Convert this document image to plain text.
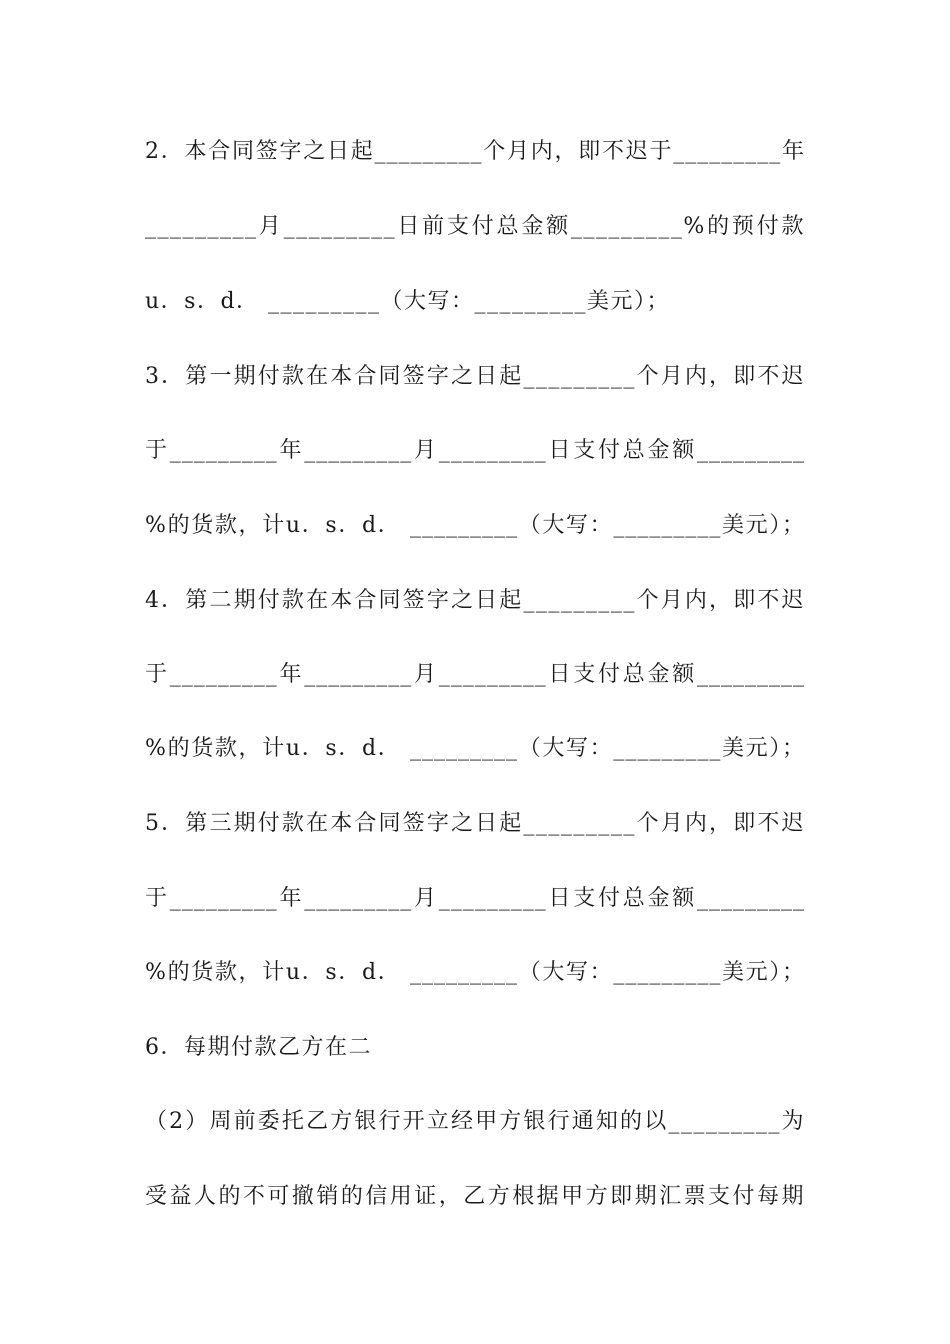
2．本合同签字之日起_________个月内，即不迟于_________年
_________月_________日前支付总金额_________%的预付款
u．s．d． _________（大写：_________美元）；
3．第一期付款在本合同签字之日起_________个月内，即不迟
于_________年_________月_________日支付总金额_________
%的货款，计u．s．d． _________（大写：_________美元）；
4．第二期付款在本合同签字之日起_________个月内，即不迟
于_________年_________月_________日支付总金额_________
%的货款，计u．s．d． _________（大写：_________美元）；
5．第三期付款在本合同签字之日起_________个月内，即不迟
于_________年_________月_________日支付总金额_________
%的货款，计u．s．d． _________（大写：_________美元）；
6．每期付款乙方在二
（2）周前委托乙方银行开立经甲方银行通知的以_________为
受益人的不可撤销的信用证，乙方根据甲方即期汇票支付每期
